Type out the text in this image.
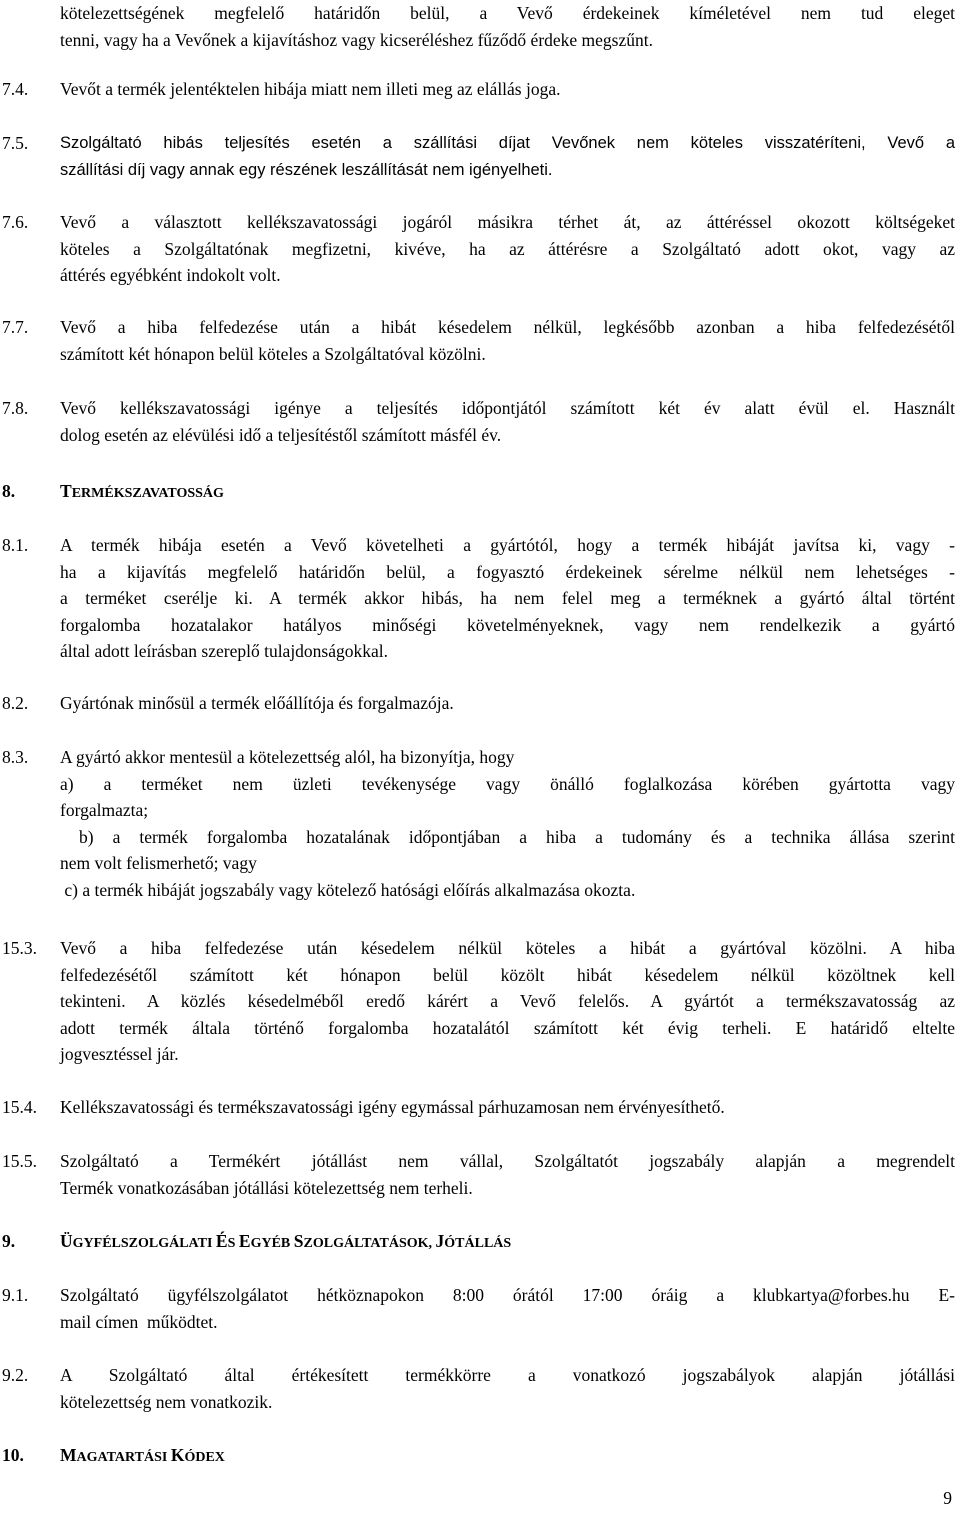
kötelezettségének megfelelő határidőn belül, a Vevő érdekeinek kíméletével nem tud eleget
tenni, vagy ha a Vevőnek a kijavításhoz vagy kicseréléshez fűződő érdeke megszűnt.
7.4. Vevőt a termék jelentéktelen hibája miatt nem illeti meg az elállás joga.
7.5. Szolgáltató hibás teljesítés esetén a szállítási díjat Vevőnek nem köteles visszatéríteni, Vevő a
szállítási díj vagy annak egy részének leszállítását nem igényelheti.
7.6. Vevő a választott kellékszavatossági jogáról másikra térhet át, az áttéréssel okozott költségeket
köteles a Szolgáltatónak megfizetni, kivéve, ha az áttérésre a Szolgáltató adott okot, vagy az
áttérés egyébként indokolt volt.
7.7. Vevő a hiba felfedezése után a hibát késedelem nélkül, legkésőbb azonban a hiba felfedezésétől
számított két hónapon belül köteles a Szolgáltatóval közölni.
7.8. Vevő kellékszavatossági igénye a teljesítés időpontjától számított két év alatt évül el. Használt
dolog esetén az elévülési idő a teljesítéstől számított másfél év.
8.	TERMÉKSZAVATOSSÁG
8.1. A termék hibája esetén a Vevő követelheti a gyártótól, hogy a termék hibáját javítsa ki, vagy -
ha a kijavítás megfelelő határidőn belül, a fogyasztó érdekeinek sérelme nélkül nem lehetséges -
a terméket cserélje ki. A termék akkor hibás, ha nem felel meg a terméknek a gyártó által történt
forgalomba hozatalakor hatályos minőségi követelményeknek, vagy nem rendelkezik a gyártó
által adott leírásban szereplő tulajdonságokkal.
8.2. Gyártónak minősül a termék előállítója és forgalmazója.
8.3. A gyártó akkor mentesül a kötelezettség alól, ha bizonyítja, hogy
a) a terméket nem üzleti tevékenysége vagy önálló foglalkozása körében gyártotta vagy
forgalmazta;
b) a termék forgalomba hozatalának időpontjában a hiba a tudomány és a technika állása szerint
nem volt felismerhető; vagy
c) a termék hibáját jogszabály vagy kötelező hatósági előírás alkalmazása okozta.
15.3. Vevő a hiba felfedezése után késedelem nélkül köteles a hibát a gyártóval közölni. A hiba
felfedezésétől számított két hónapon belül közölt hibát késedelem nélkül közöltnek kell
tekinteni. A közlés késedelméből eredő kárért a Vevő felelős. A gyártót a termékszavatosság az
adott termék általa történő forgalomba hozatalától számított két évig terheli. E határidő eltelte
jogvesztéssel jár.
15.4. Kellékszavatossági és termékszavatossági igény egymással párhuzamosan nem érvényesíthető.
15.5. Szolgáltató a Termékért jótállást nem vállal, Szolgáltatót jogszabály alapján a megrendelt
Termék vonatkozásában jótállási kötelezettség nem terheli.
9.	ÜGYFÉLSZOLGÁLATI ÉS EGYÉB SZOLGÁLTATÁSOK, JÓTÁLLÁS
9.1. Szolgáltató ügyfélszolgálatot hétköznapokon 8:00 órától 17:00 óráig a klubkartya@forbes.hu E-
mail címen  működtet.
9.2. A Szolgáltató által értékesített termékkörre a vonatkozó jogszabályok alapján jótállási
kötelezettség nem vonatkozik.
10. MAGATARTÁSI KÓDEX
9
